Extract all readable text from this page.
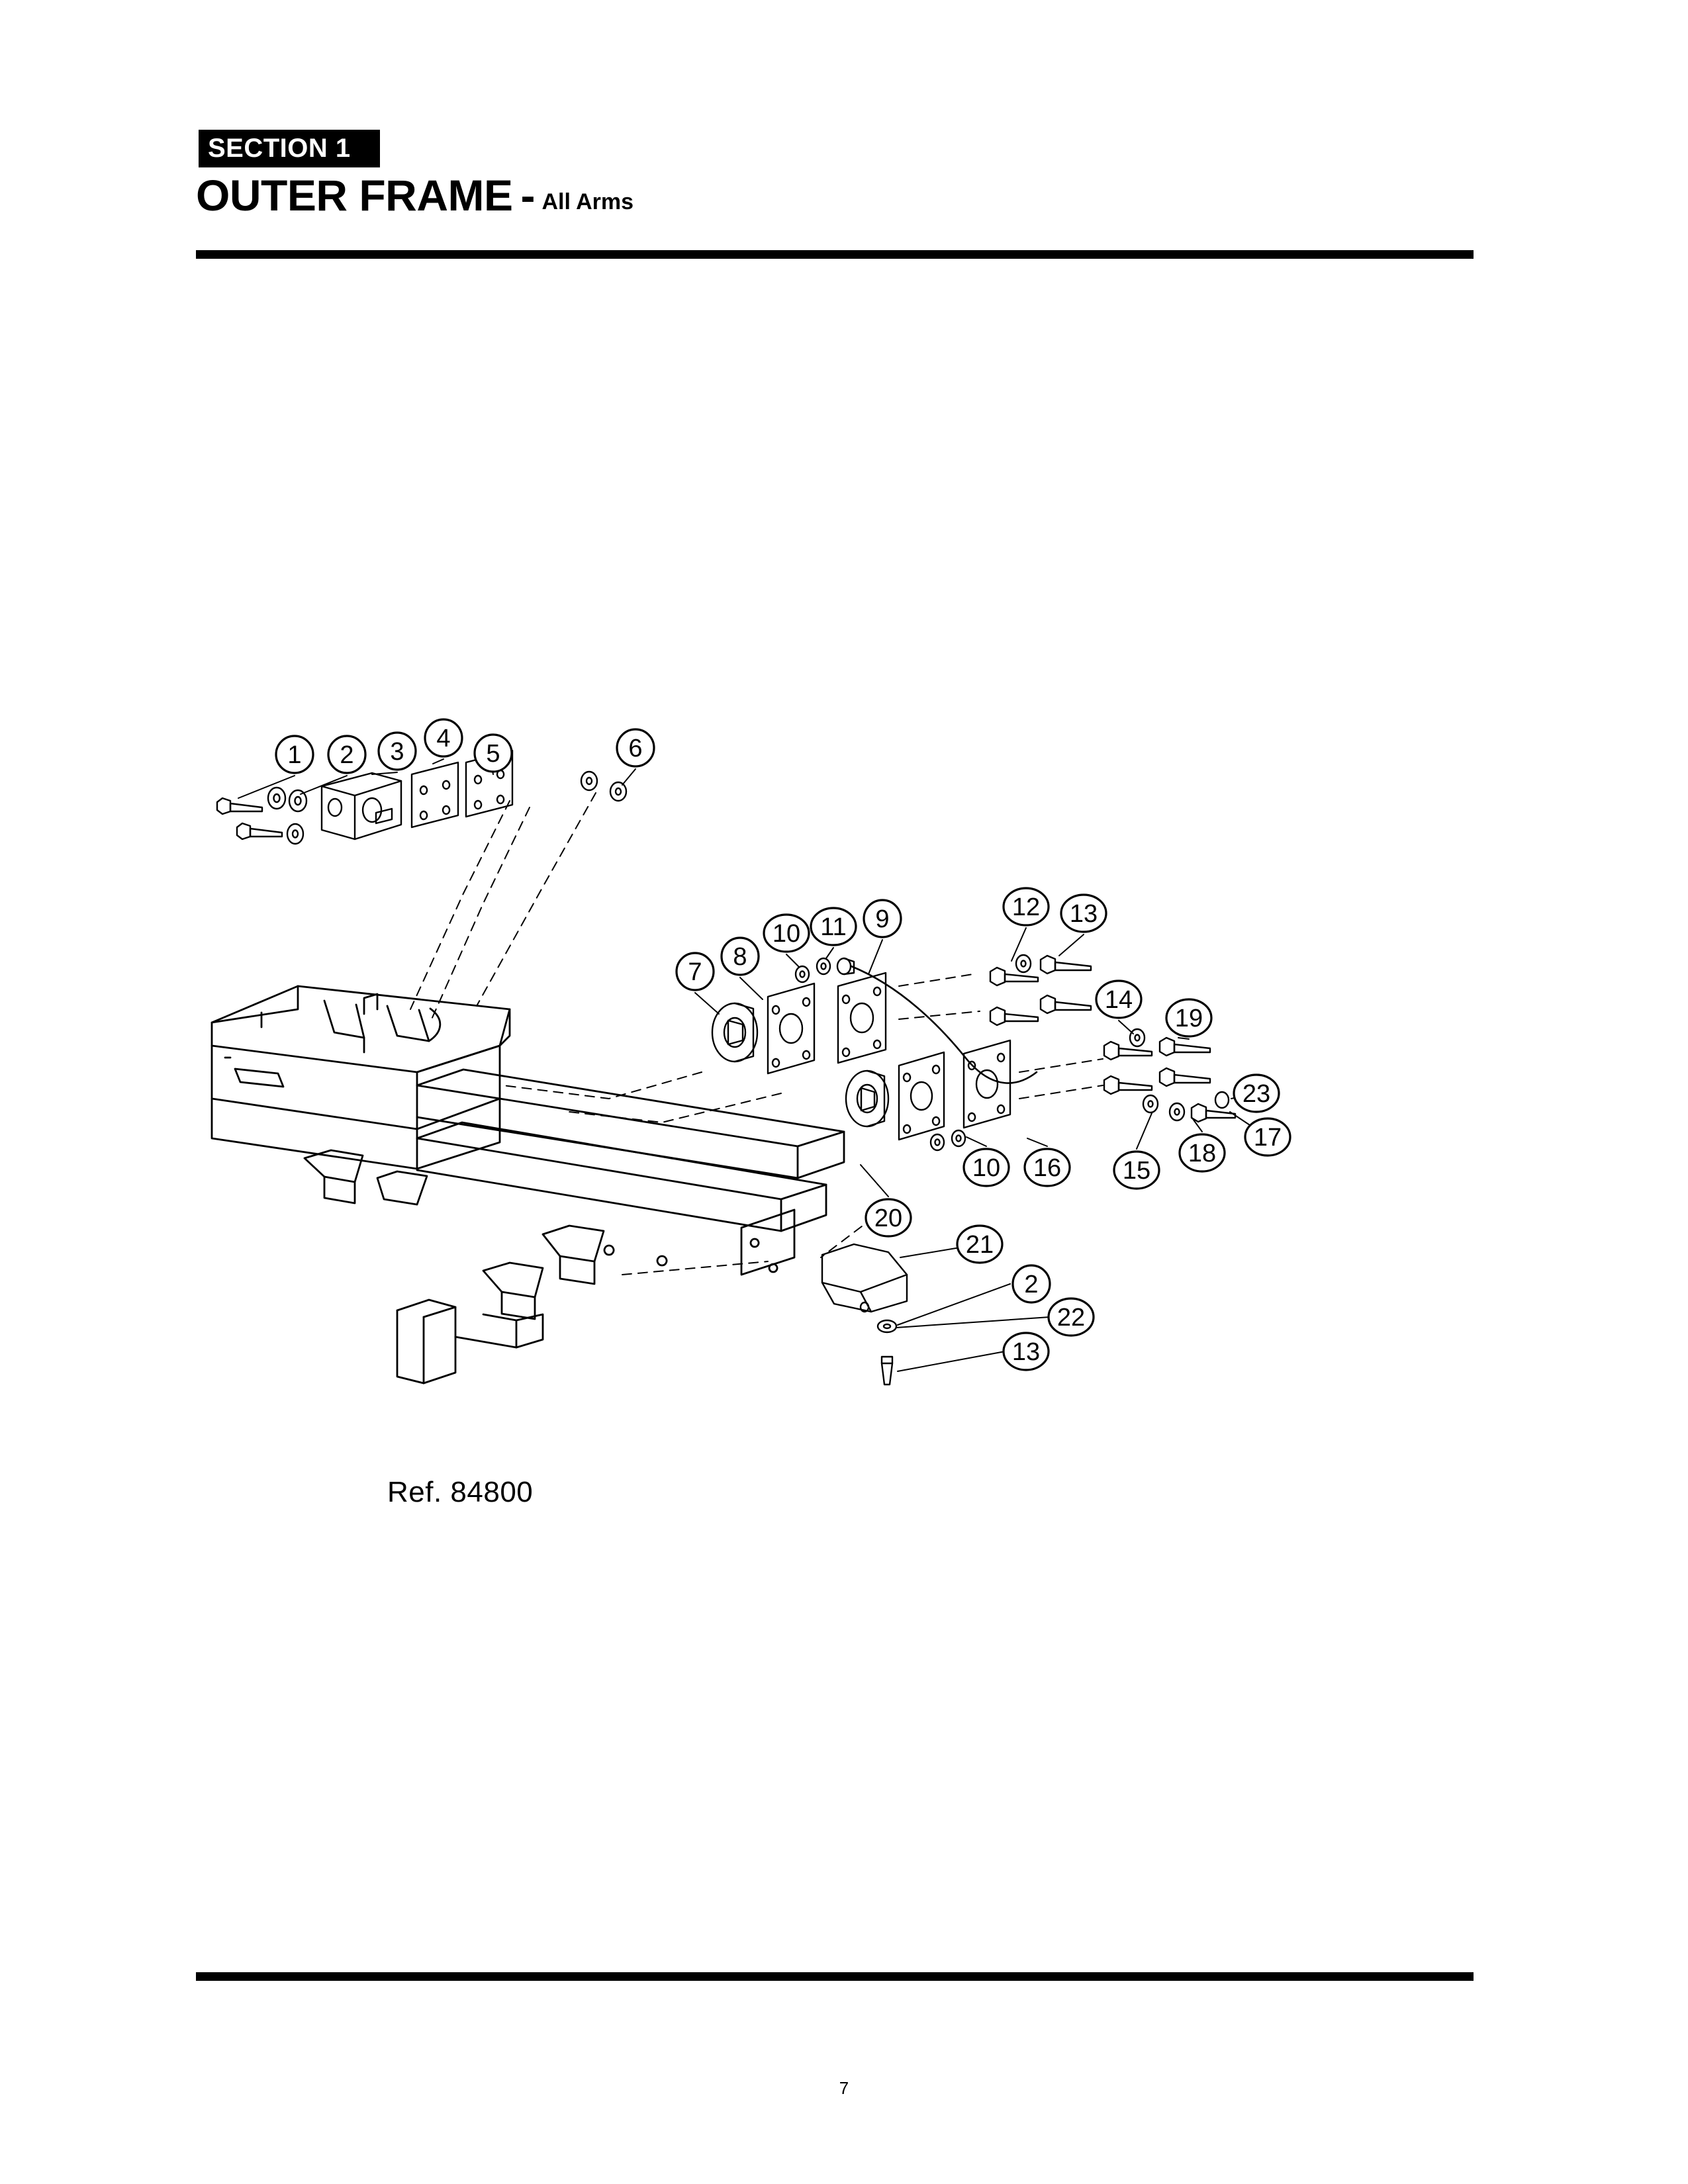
SECTION 1
OUTER FRAME - All Arms
1 2 3 4
5	6
7
8
10 11 9	12 13
14
19
23
17
18
15
16
10
20
21
2
22
13
Ref. 84800
7
